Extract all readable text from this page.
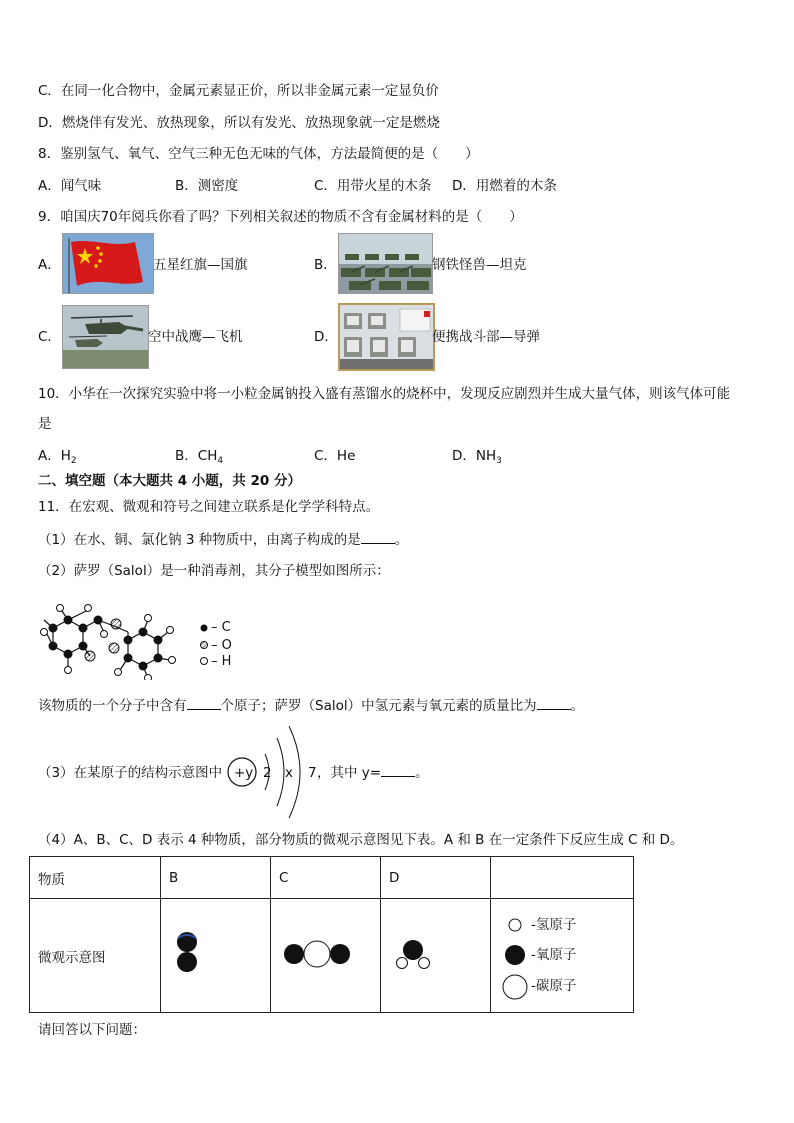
C．在同一化合物中，金属元素显正价，所以非金属元素一定显负价
D．燃烧伴有发光、放热现象，所以有发光、放热现象就一定是燃烧
8．鉴别氢气、氧气、空气三种无色无味的气体，方法最简便的是（　　）
A．闻气味	B．测密度	C．用带火星的木条 D．用燃着的木条
9．咱国庆70年阅兵你看了吗？下列相关叙述的物质不含有金属材料的是（　　）
A．	五星红旗—国旗	B．	钢铁怪兽—坦克
C．	空中战鹰—飞机	D．	便携战斗部—导弹
10．小华在一次探究实验中将一小粒金属钠投入盛有蒸馏水的烧杯中，发现反应剧烈并生成大量气体，则该气体可能
是
A．$H_2$	B．$CH_4$	C．He	D．$NH_3$
二、填空题（本大题共 4 小题，共 20 分）
11．在宏观、微观和符号之间建立联系是化学学科特点。
（1）在水、铜、氯化钠 3 种物质中，由离子构成的是	。
（2）萨罗（Salol）是一种消毒剂，其分子模型如图所示：
– C
– O
– H
该物质的一个分子中含有	个原子；萨罗（Salol）中氢元素与氧元素的质量比为	。
（3）在某原子的结构示意图中 +y 2 x 7 ，其中 y=	。
（4）A、B、C、D 表示 4 种物质，部分物质的微观示意图见下表。A 和 B 在一定条件下反应生成 C 和 D。
物质	B	C	D	
微观示意图				-氢原子
-氧原子
-碳原子
请回答以下问题：
